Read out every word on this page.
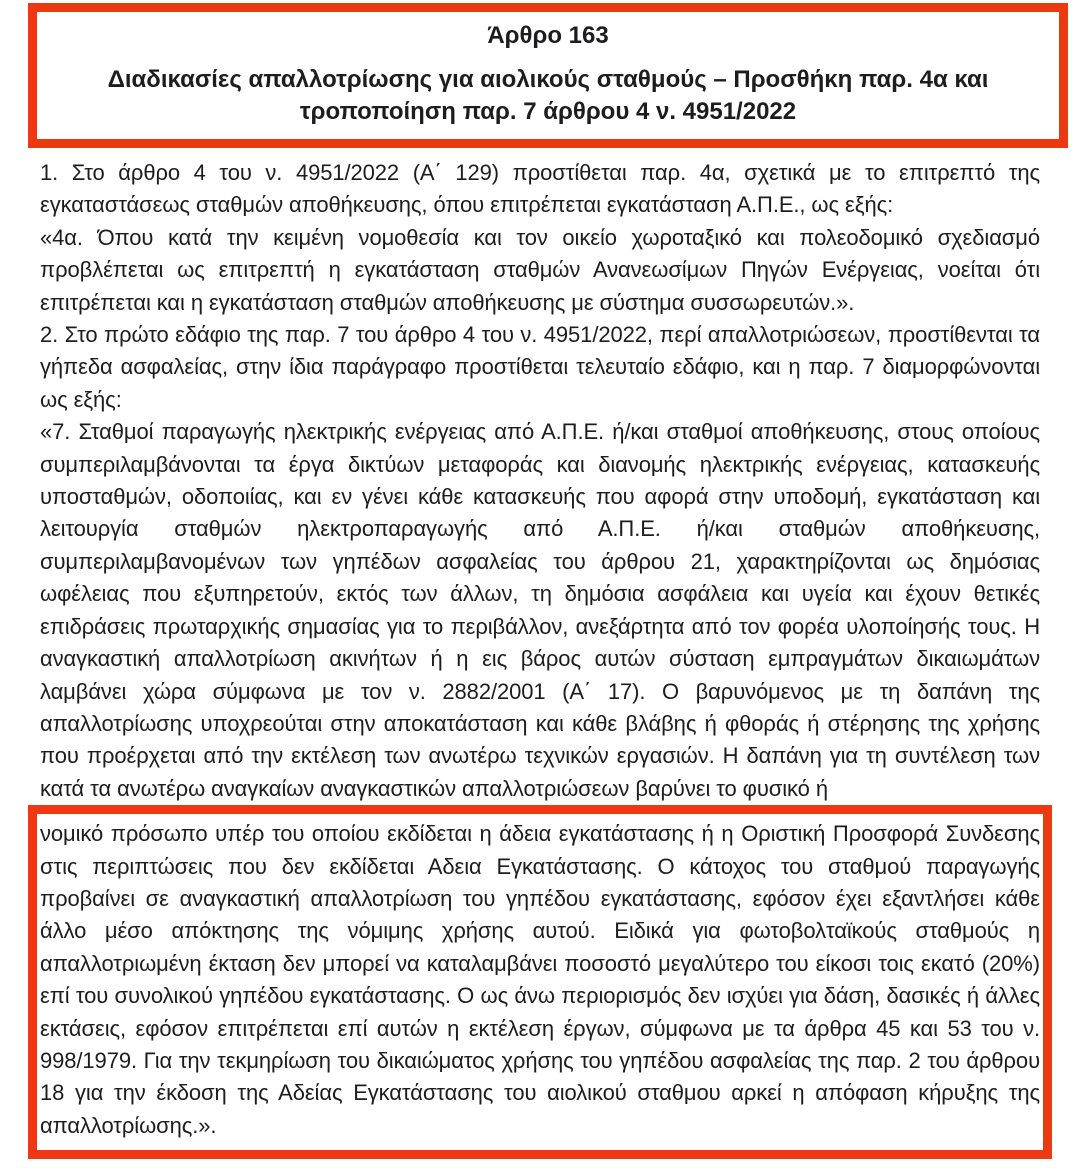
Άρθρο 163
Διαδικασίες απαλλοτρίωσης για αιολικούς σταθμούς – Προσθήκη παρ. 4α και τροποποίηση παρ. 7 άρθρου 4 ν. 4951/2022

1. Στο άρθρο 4 του ν. 4951/2022 (Α΄ 129) προστίθεται παρ. 4α, σχετικά με το επιτρεπτό της εγκαταστάσεως σταθμών αποθήκευσης, όπου επιτρέπεται εγκατάσταση Α.Π.Ε., ως εξής:

«4α. Όπου κατά την κειμένη νομοθεσία και τον οικείο χωροταξικό και πολεοδομικό σχεδιασμό προβλέπεται ως επιτρεπτή η εγκατάσταση σταθμών Ανανεωσίμων Πηγών Ενέργειας, νοείται ότι επιτρέπεται και η εγκατάσταση σταθμών αποθήκευσης με σύστημα συσσωρευτών.».

2. Στο πρώτο εδάφιο της παρ. 7 του άρθρο 4 του ν. 4951/2022, περί απαλλοτριώσεων, προστίθενται τα γήπεδα ασφαλείας, στην ίδια παράγραφο προστίθεται τελευταίο εδάφιο, και η παρ. 7 διαμορφώνονται ως εξής:

«7. Σταθμοί παραγωγής ηλεκτρικής ενέργειας από Α.Π.Ε. ή/και σταθμοί αποθήκευσης, στους οποίους συμπεριλαμβάνονται τα έργα δικτύων μεταφοράς και διανομής ηλεκτρικής ενέργειας, κατασκευής υποσταθμών, οδοποιίας, και εν γένει κάθε κατασκευής που αφορά στην υποδομή, εγκατάσταση και λειτουργία σταθμών ηλεκτροπαραγωγής από Α.Π.Ε. ή/και σταθμών αποθήκευσης, συμπεριλαμβανομένων των γηπέδων ασφαλείας του άρθρου 21, χαρακτηρίζονται ως δημόσιας ωφέλειας που εξυπηρετούν, εκτός των άλλων, τη δημόσια ασφάλεια και υγεία και έχουν θετικές επιδράσεις πρωταρχικής σημασίας για το περιβάλλον, ανεξάρτητα από τον φορέα υλοποίησής τους. Η αναγκαστική απαλλοτρίωση ακινήτων ή η εις βάρος αυτών σύσταση εμπραγμάτων δικαιωμάτων λαμβάνει χώρα σύμφωνα με τον ν. 2882/2001 (Α΄ 17). Ο βαρυνόμενος με τη δαπάνη της απαλλοτρίωσης υποχρεούται στην αποκατάσταση και κάθε βλάβης ή φθοράς ή στέρησης της χρήσης που προέρχεται από την εκτέλεση των ανωτέρω τεχνικών εργασιών. Η δαπάνη για τη συντέλεση των κατά τα ανωτέρω αναγκαίων αναγκαστικών απαλλοτριώσεων βαρύνει το φυσικό ή

νομικό πρόσωπο υπέρ του οποίου εκδίδεται η άδεια εγκατάστασης ή η Οριστική Προσφορά Συνδεσης στις περιπτώσεις που δεν εκδίδεται Αδεια Εγκατάστασης. Ο κάτοχος του σταθμού παραγωγής προβαίνει σε αναγκαστική απαλλοτρίωση του γηπέδου εγκατάστασης, εφόσον έχει εξαντλήσει κάθε άλλο μέσο απόκτησης της νόμιμης χρήσης αυτού. Ειδικά για φωτοβολταϊκούς σταθμούς η απαλλοτριωμένη έκταση δεν μπορεί να καταλαμβάνει ποσοστό μεγαλύτερο του είκοσι τοις εκατό (20%) επί του συνολικού γηπέδου εγκατάστασης. Ο ως άνω περιορισμός δεν ισχύει για δάση, δασικές ή άλλες εκτάσεις, εφόσον επιτρέπεται επί αυτών η εκτέλεση έργων, σύμφωνα με τα άρθρα 45 και 53 του ν. 998/1979. Για την τεκμηρίωση του δικαιώματος χρήσης του γηπέδου ασφαλείας της παρ. 2 του άρθρου 18 για την έκδοση της Αδείας Εγκατάστασης του αιολικού σταθμου αρκεί η απόφαση κήρυξης της απαλλοτρίωσης.».
